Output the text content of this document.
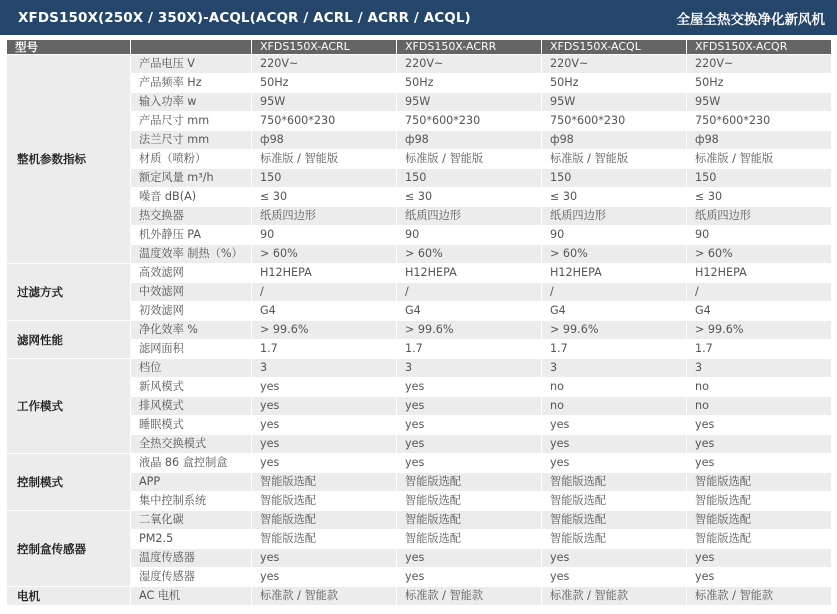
XFDS150X(250X / 350X)-ACQL(ACQR / ACRL / ACRR / ACQL)	全屋全热交换净化新风机
型号		XFDS150X-ACRL	XFDS150X-ACRR	XFDS150X-ACQL	XFDS150X-ACQR
整机参数指标	产品电压 V	220V~	220V~	220V~	220V~
	产品频率 Hz	50Hz	50Hz	50Hz	50Hz
	输入功率 w	95W	95W	95W	95W
	产品尺寸 mm	750*600*230	750*600*230	750*600*230	750*600*230
	法兰尺寸 mm	ф98	ф98	ф98	ф98
	材质（喷粉）	标准版 / 智能版	标准版 / 智能版	标准版 / 智能版	标准版 / 智能版
	额定风量 m³/h	150	150	150	150
	噪音 dB(A)	≤ 30	≤ 30	≤ 30	≤ 30
	热交换器	纸质四边形	纸质四边形	纸质四边形	纸质四边形
	机外静压 PA	90	90	90	90
	温度效率 制热（%）	> 60%	> 60%	> 60%	> 60%
过滤方式	高效滤网	H12HEPA	H12HEPA	H12HEPA	H12HEPA
	中效滤网	/	/	/	/
	初效滤网	G4	G4	G4	G4
滤网性能	净化效率 %	> 99.6%	> 99.6%	> 99.6%	> 99.6%
	滤网面积	1.7	1.7	1.7	1.7
工作模式	档位	3	3	3	3
	新风模式	yes	yes	no	no
	排风模式	yes	yes	no	no
	睡眠模式	yes	yes	yes	yes
	全热交换模式	yes	yes	yes	yes
控制模式	液晶 86 盒控制盒	yes	yes	yes	yes
	APP	智能版选配	智能版选配	智能版选配	智能版选配
	集中控制系统	智能版选配	智能版选配	智能版选配	智能版选配
控制盒传感器	二氧化碳	智能版选配	智能版选配	智能版选配	智能版选配
	PM2.5	智能版选配	智能版选配	智能版选配	智能版选配
	温度传感器	yes	yes	yes	yes
	湿度传感器	yes	yes	yes	yes
电机	AC 电机	标准款 / 智能款	标准款 / 智能款	标准款 / 智能款	标准款 / 智能款
